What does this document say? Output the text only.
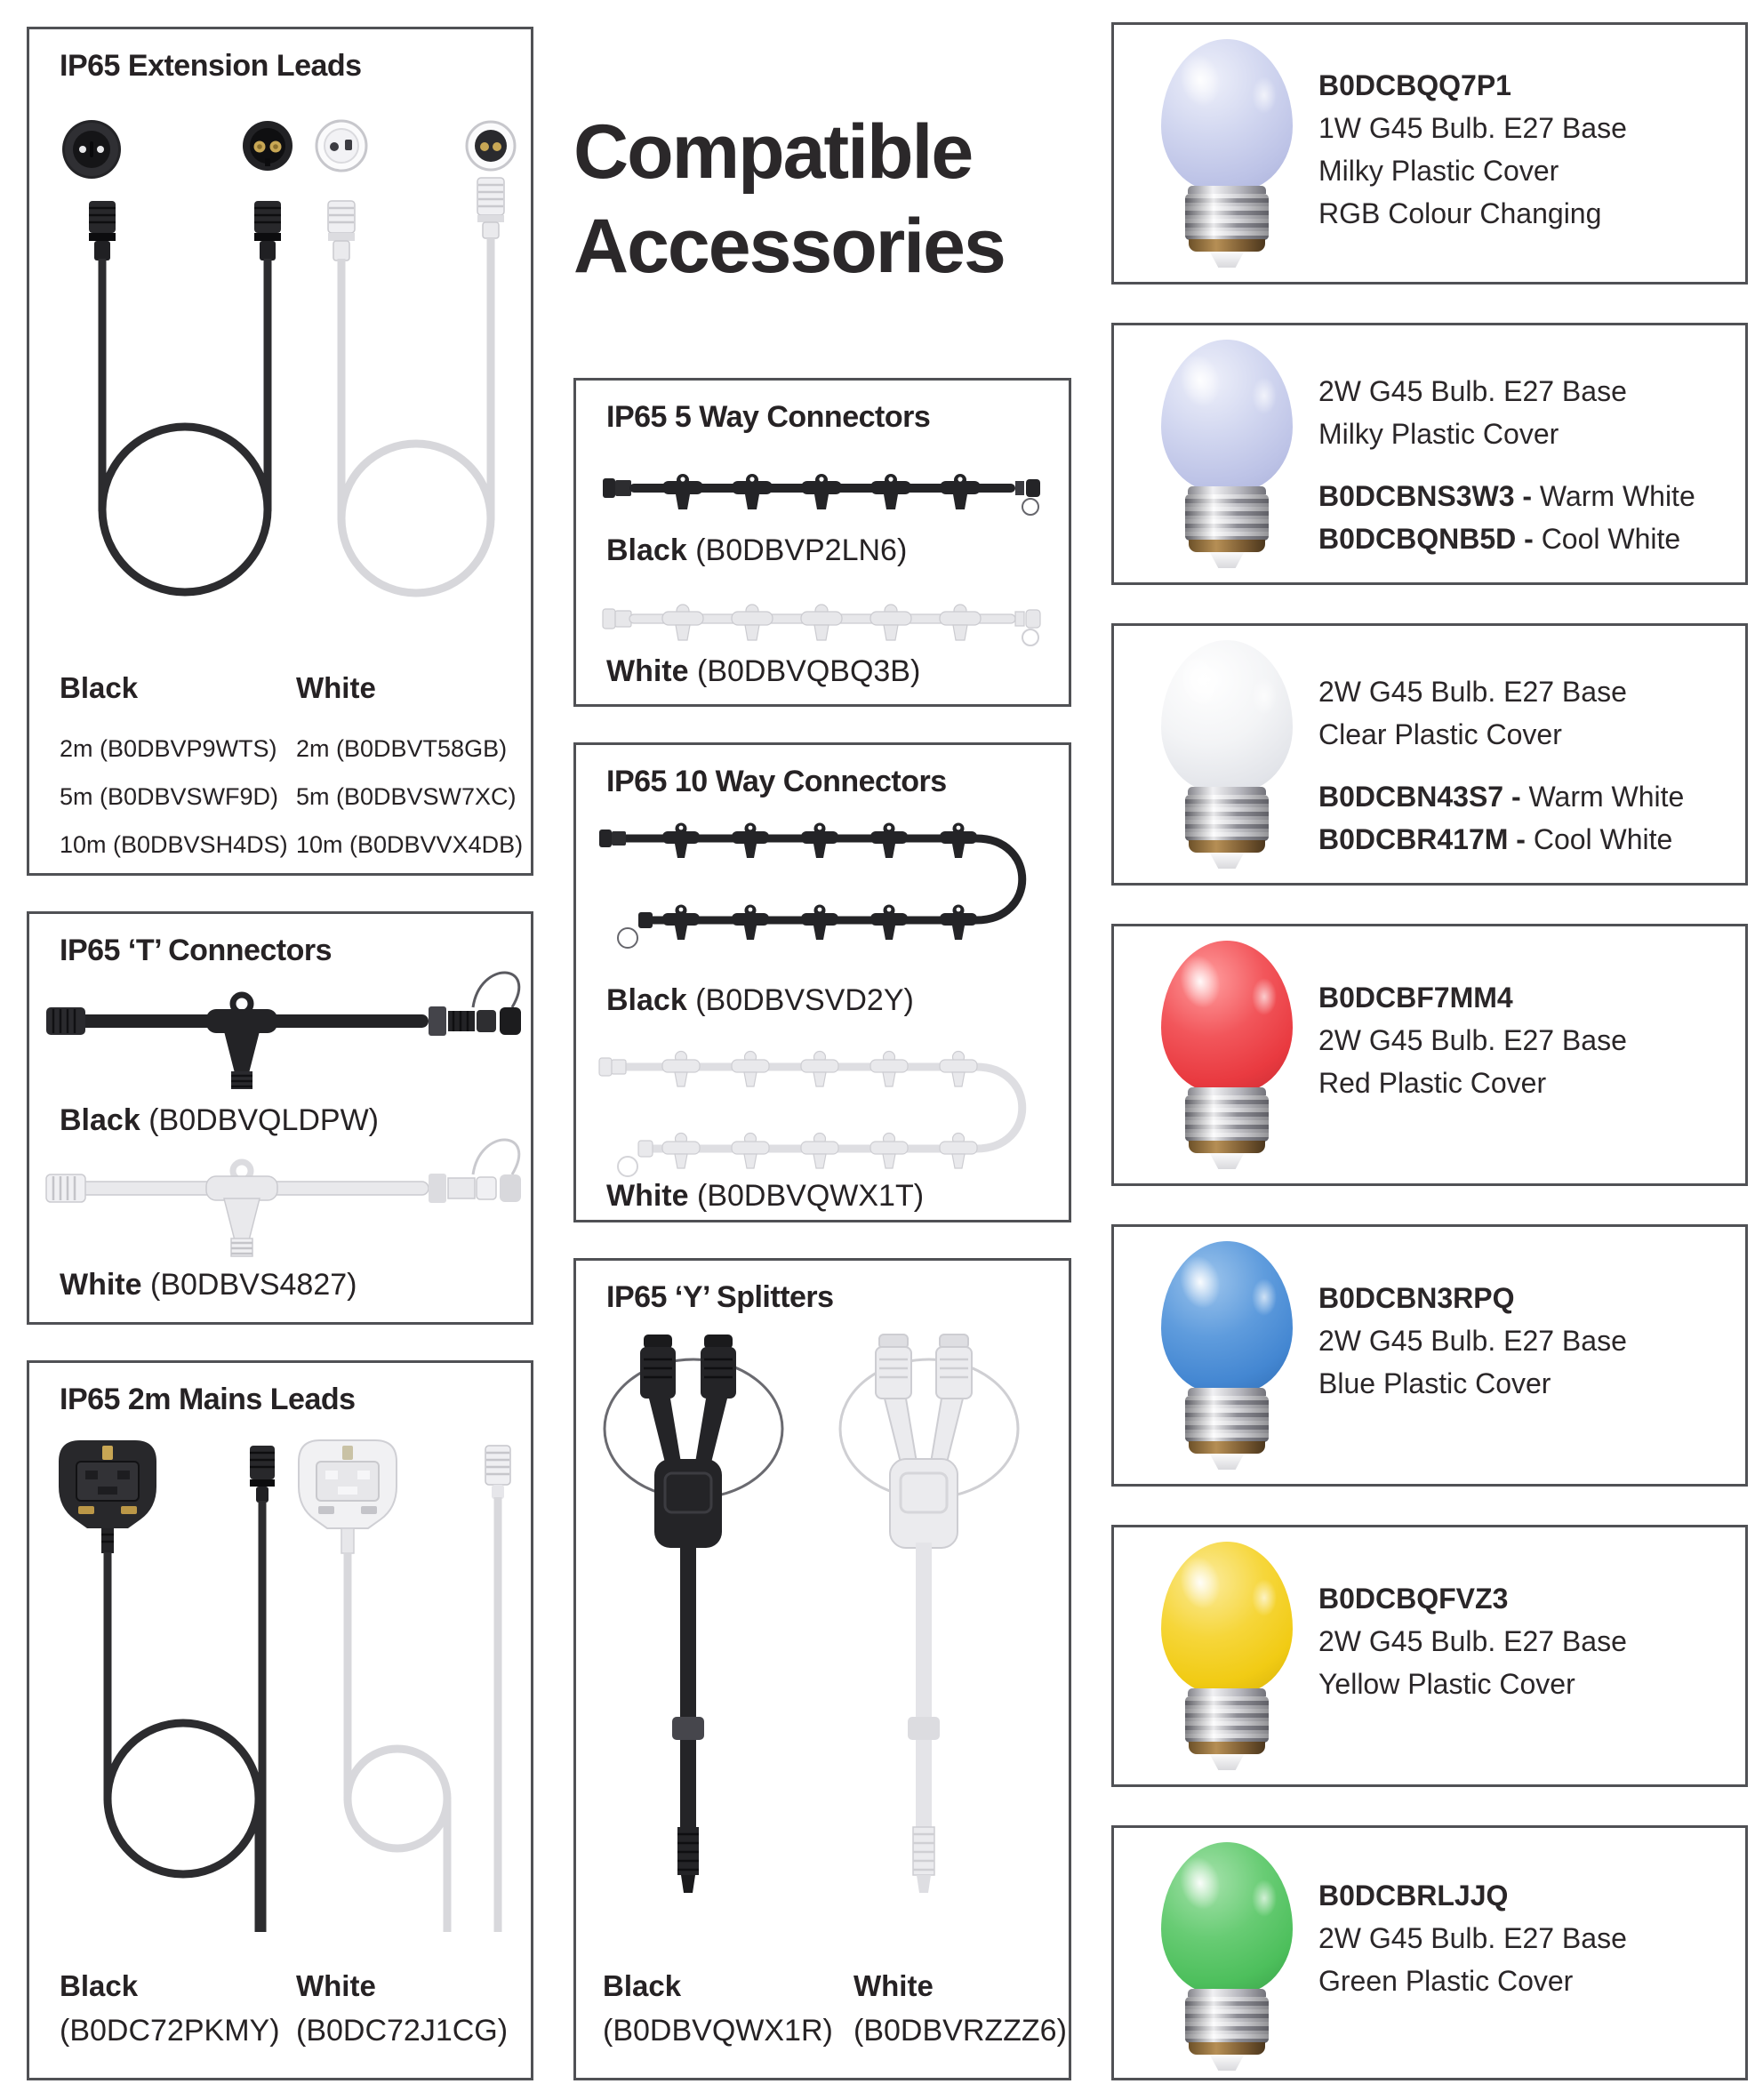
Compatible
Accessories
IP65 Extension Leads
Black	White
2m (B0DBVP9WTS)
5m (B0DBVSWF9D)
10m (B0DBVSH4DS)
2m (B0DBVT58GB)
5m (B0DBVSW7XC)
10m (B0DBVVX4DB)
IP65 ‘T’ Connectors
Black (B0DBVQLDPW)
White (B0DBVS4827)
IP65 2m Mains Leads
Black
(B0DC72PKMY)
White
(B0DC72J1CG)
IP65 5 Way Connectors
Black (B0DBVP2LN6)
White (B0DBVQBQ3B)
IP65 10 Way Connectors
Black (B0DBVSVD2Y)
White (B0DBVQWX1T)
IP65 ‘Y’ Splitters
Black
(B0DBVQWX1R)
White
(B0DBVRZZZ6)
B0DCBQQ7P1
1W G45 Bulb. E27 Base
Milky Plastic Cover
RGB Colour Changing
2W G45 Bulb. E27 Base
Milky Plastic Cover
B0DCBNS3W3 - Warm White
B0DCBQNB5D - Cool White
2W G45 Bulb. E27 Base
Clear Plastic Cover
B0DCBN43S7 - Warm White
B0DCBR417M - Cool White
B0DCBF7MM4
2W G45 Bulb. E27 Base
Red Plastic Cover
B0DCBN3RPQ
2W G45 Bulb. E27 Base
Blue Plastic Cover
B0DCBQFVZ3
2W G45 Bulb. E27 Base
Yellow Plastic Cover
B0DCBRLJJQ
2W G45 Bulb. E27 Base
Green Plastic Cover
